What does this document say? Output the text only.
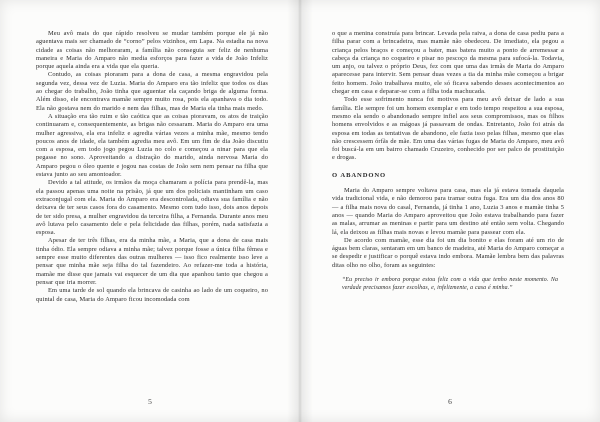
Meu avô mais do que rápido resolveu se mudar também porque ele já não aguentava mais ser chamado de “corno” pelos vizinhos, em Lapa. Na estadia na nova cidade as coisas não melhoraram, a família não conseguia ser feliz de nenhuma maneira e Maria do Amparo não media esforços para fazer a vida de João Infeliz porque aquela ainda era a vida que ela queria.

Contudo, as coisas pioraram para a dona de casa, a mesma engravidou pela segunda vez, dessa vez de Luzia. Maria do Amparo era tão infeliz que todos os dias ao chegar do trabalho, João tinha que aguentar ela caçando briga de alguma forma. Além disso, ele encontrava mamãe sempre muito rosa, pois ela apanhava o dia todo. Ela não gostava nem do marido e nem das filhas, mas de Maria ela tinha mais medo.

A situação era tão ruim e tão caótica que as coisas pioravam, os atos de traição continuaram e, consequentemente, as brigas não cessaram. Maria do Amparo era uma mulher agressiva, ela era infeliz e agredia várias vezes a minha mãe, mesmo tendo poucos anos de idade, ela também agredia meu avô. Em um fim de dia João discutiu com a esposa, em todo jogo pegou Luzia no colo e começou a ninar para que ela pegasse no sono. Aproveitando a distração do marido, ainda nervosa Maria do Amparo pegou o óleo quente e jogou nas costas de João sem nem pensar na filha que estava junto ao seu amontoador.

Devido a tal atitude, os irmãos da moça chamaram a polícia para prendê-la, mas ela passou apenas uma noite na prisão, já que um dos policiais mantinham um caso extraconjugal com ela. Maria do Amparo era descontrolada, odiava sua família e não deixava de ter seus casos fora do casamento. Mesmo com tudo isso, dois anos depois de ter sido presa, a mulher engravidou da terceira filha, a Fernanda. Durante anos meu avô lutava pelo casamento dele e pela felicidade das filhas, porém, nada satisfazia a esposa.

Apesar de ter três filhas, era da minha mãe, a Maria, que a dona de casa mais tinha ódio. Ela sempre odiava a minha mãe; talvez porque fosse a única filha fêmea e sempre esse muito diferentes das outras mulheres — isso fico realmente isso leve a pensar que minha mãe seja filha do tal fazendeiro. Ao refazer-me toda a história, mamãe me disse que jamais vai esquecer de um dia que apanhou tanto que chegou a pensar que iria morrer.

Em uma tarde de sol quando ela brincava de casinha ao lado de um coqueiro, no quintal de casa, Maria do Amparo ficou incomodada com

5

o que a menina construía para brincar. Levada pela raiva, a dona de casa pediu para a filha parar com a brincadeira, mas mamãe não obedeceu. De imediato, ela pegou a criança pelos braços e começou a bater, mas batera muito a ponto de arremessar a cabeça da criança no coqueiro e pisar no pescoço da mesma para sufocá-la. Todavia, um anjo, ou talvez o próprio Deus, fez com que uma das irmãs de Maria do Amparo aparecesse para intervir. Sem pensar duas vezes a tia da minha mãe começou a brigar feito homem. João trabalhava muito, ele só ficava sabendo desses acontecimentos ao chegar em casa e deparar-se com a filha toda machucada.

Todo esse sofrimento nunca foi motivos para meu avô deixar de lado a sua família. Ele sempre foi um homem exemplar e em todo tempo respeitou a sua esposa, mesmo ela sendo o abandonado sempre infiel aos seus compromissos, mas os filhos homens envolvidos e as mágoas já passavam de ondas. Entretanto, João foi atrás da esposa em todas as tentativas de abandono, ele fazia isso pelas filhas, mesmo que elas não crescessem órfãs de mãe. Em uma das várias fugas de Maria do Amparo, meu avô foi buscá-la em um bairro chamado Cruzeiro, conhecido por ser palco de prostituição e drogas.

O ABANDONO

Maria do Amparo sempre voltava para casa, mas ela já estava tomada daquela vida tradicional vida, e não demorou para tramar outra fuga. Era um dia dos anos 80 — a filha mais nova do casal, Fernanda, já tinha 1 ano, Luzia 3 anos e mamãe tinha 5 anos — quando Maria do Amparo aproveitou que João estava trabalhando para fazer as malas, arrumar as meninas e partir para um destino até então sem volta. Chegando lá, ela deixou as filhas mais novas e levou mamãe para passear com ela.

De acordo com mamãe, esse dia foi um dia bonito e elas foram até um rio de águas bem claras, sentaram em um banco de madeira, até Maria do Amparo começar a se despedir e justificar o porquê estava indo embora. Mamãe lembra bem das palavras ditas olho no olho, foram as seguintes:

“Eu preciso ir embora porque estou feliz com a vida que tenho neste momento. Na verdade precisamos fazer escolhas, e, infelizmente, a casa é minha.”
6
